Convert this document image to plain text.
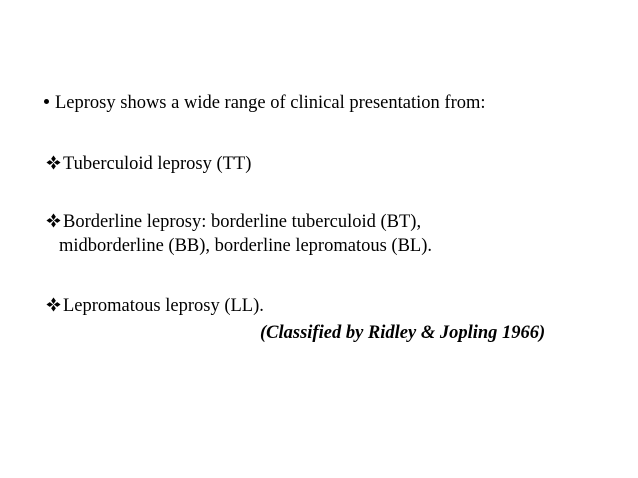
Leprosy shows a wide range of clinical presentation from:
Tuberculoid leprosy (TT)
Borderline leprosy: borderline tuberculoid (BT),
midborderline (BB), borderline lepromatous (BL).
Lepromatous leprosy (LL).
(Classified by Ridley & Jopling 1966)
